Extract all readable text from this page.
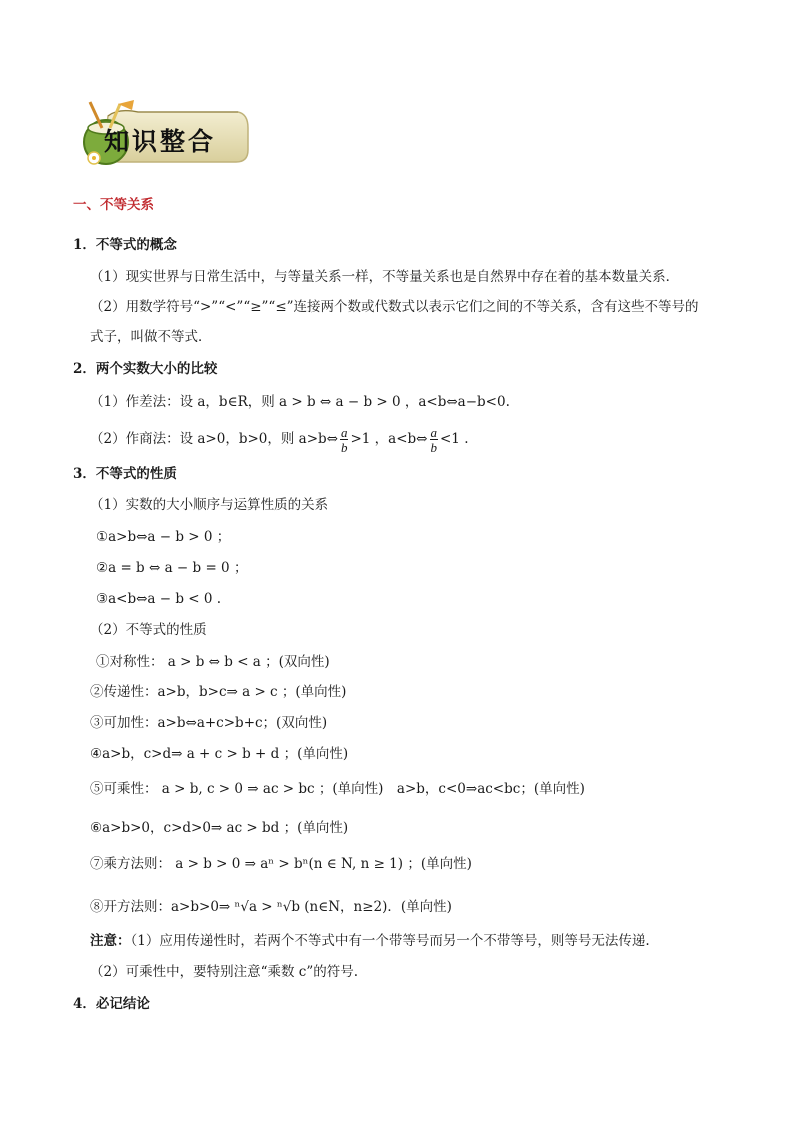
知识整合
一、不等关系
1．不等式的概念
（1）现实世界与日常生活中，与等量关系一样，不等量关系也是自然界中存在着的基本数量关系．
（2）用数学符号“>”“<”“≥”“≤”连接两个数或代数式以表示它们之间的不等关系，含有这些不等号的
式子，叫做不等式．
2．两个实数大小的比较
（1）作差法：设 a，b∈R，则 a > b ⇔ a − b > 0 ，a<b⇔a−b<0.
（2）作商法：设 a>0，b>0，则 a>b⇔ $\frac{a}{b} >1$ ，a<b⇔ $\frac{a}{b} <1$ .
3．不等式的性质
（1）实数的大小顺序与运算性质的关系
①a>b⇔a − b > 0 ；
②a = b ⇔ a − b = 0 ；
③a<b⇔a − b < 0 .
（2）不等式的性质
①对称性： a > b ⇔ b < a ；(双向性)
②传递性：a>b，b>c⇒ a > c ；(单向性)
③可加性：a>b⇔a+c>b+c；(双向性)
④a>b，c>d⇒ a + c > b + d ；(单向性)
⑤可乘性： a > b, c > 0 ⇒ ac > bc ；(单向性)　a>b，c<0⇒ac<bc；(单向性)
⑥a>b>0，c>d>0⇒ ac > bd ；(单向性)
⑦乘方法则： a > b > 0 ⇒ aⁿ > bⁿ(n ∈ N, n ≥ 1) ；(单向性)
⑧开方法则：a>b>0⇒ ⁿ√a > ⁿ√b (n∈N，n≥2)．(单向性)
注意：（1）应用传递性时，若两个不等式中有一个带等号而另一个不带等号，则等号无法传递.
（2）可乘性中，要特别注意“乘数 c”的符号.
4．必记结论
